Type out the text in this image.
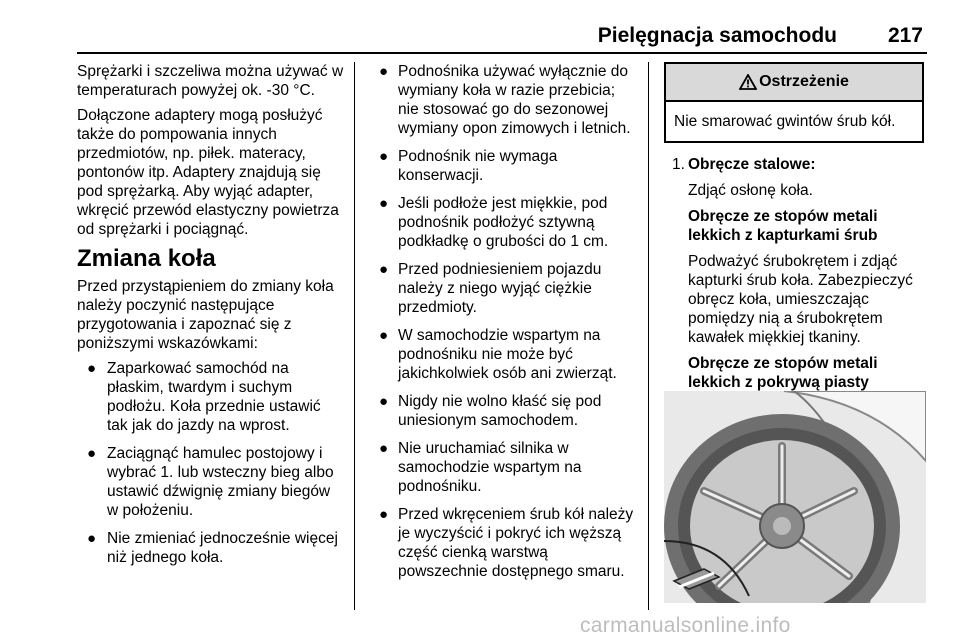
Pielęgnacja samochodu 217

Sprężarki i szczeliwa można używać w temperaturach powyżej ok. -30 °C.

Dołączone adaptery mogą posłużyć także do pompowania innych przedmiotów, np. piłek. materacy, pontonów itp. Adaptery znajdują się pod sprężarką. Aby wyjąć adapter, wkręcić przewód elastyczny powietrza od sprężarki i pociągnąć.

Zmiana koła

Przed przystąpieniem do zmiany koła należy poczynić następujące przygotowania i zapoznać się z poniższymi wskazówkami:

● Zaparkować samochód na płaskim, twardym i suchym podłożu. Koła przednie ustawić tak jak do jazdy na wprost.
● Zaciągnąć hamulec postojowy i wybrać 1. lub wsteczny bieg albo ustawić dźwignię zmiany biegów w położeniu.
● Nie zmieniać jednocześnie więcej niż jednego koła.
● Podnośnika używać wyłącznie do wymiany koła w razie przebicia; nie stosować go do sezonowej wymiany opon zimowych i letnich.
● Podnośnik nie wymaga konserwacji.
● Jeśli podłoże jest miękkie, pod podnośnik podłożyć sztywną podkładkę o grubości do 1 cm.
● Przed podniesieniem pojazdu należy z niego wyjąć ciężkie przedmioty.
● W samochodzie wspartym na podnośniku nie może być jakichkolwiek osób ani zwierząt.
● Nigdy nie wolno kłaść się pod uniesionym samochodem.
● Nie uruchamiać silnika w samochodzie wspartym na podnośniku.
● Przed wkręceniem śrub kół należy je wyczyścić i pokryć ich węższą część cienką warstwą powszechnie dostępnego smaru.
Ostrzeżenie
Nie smarować gwintów śrub kół.
1. Obręcze stalowe:

Zdjąć osłonę koła.

Obręcze ze stopów metali lekkich z kapturkami śrub

Podważyć śrubokrętem i zdjąć kapturki śrub koła. Zabezpieczyć obręcz koła, umieszczając pomiędzy nią a śrubokrętem kawałek miękkiej tkaniny.

Obręcze ze stopów metali lekkich z pokrywą piasty

carmanualsonline.info
